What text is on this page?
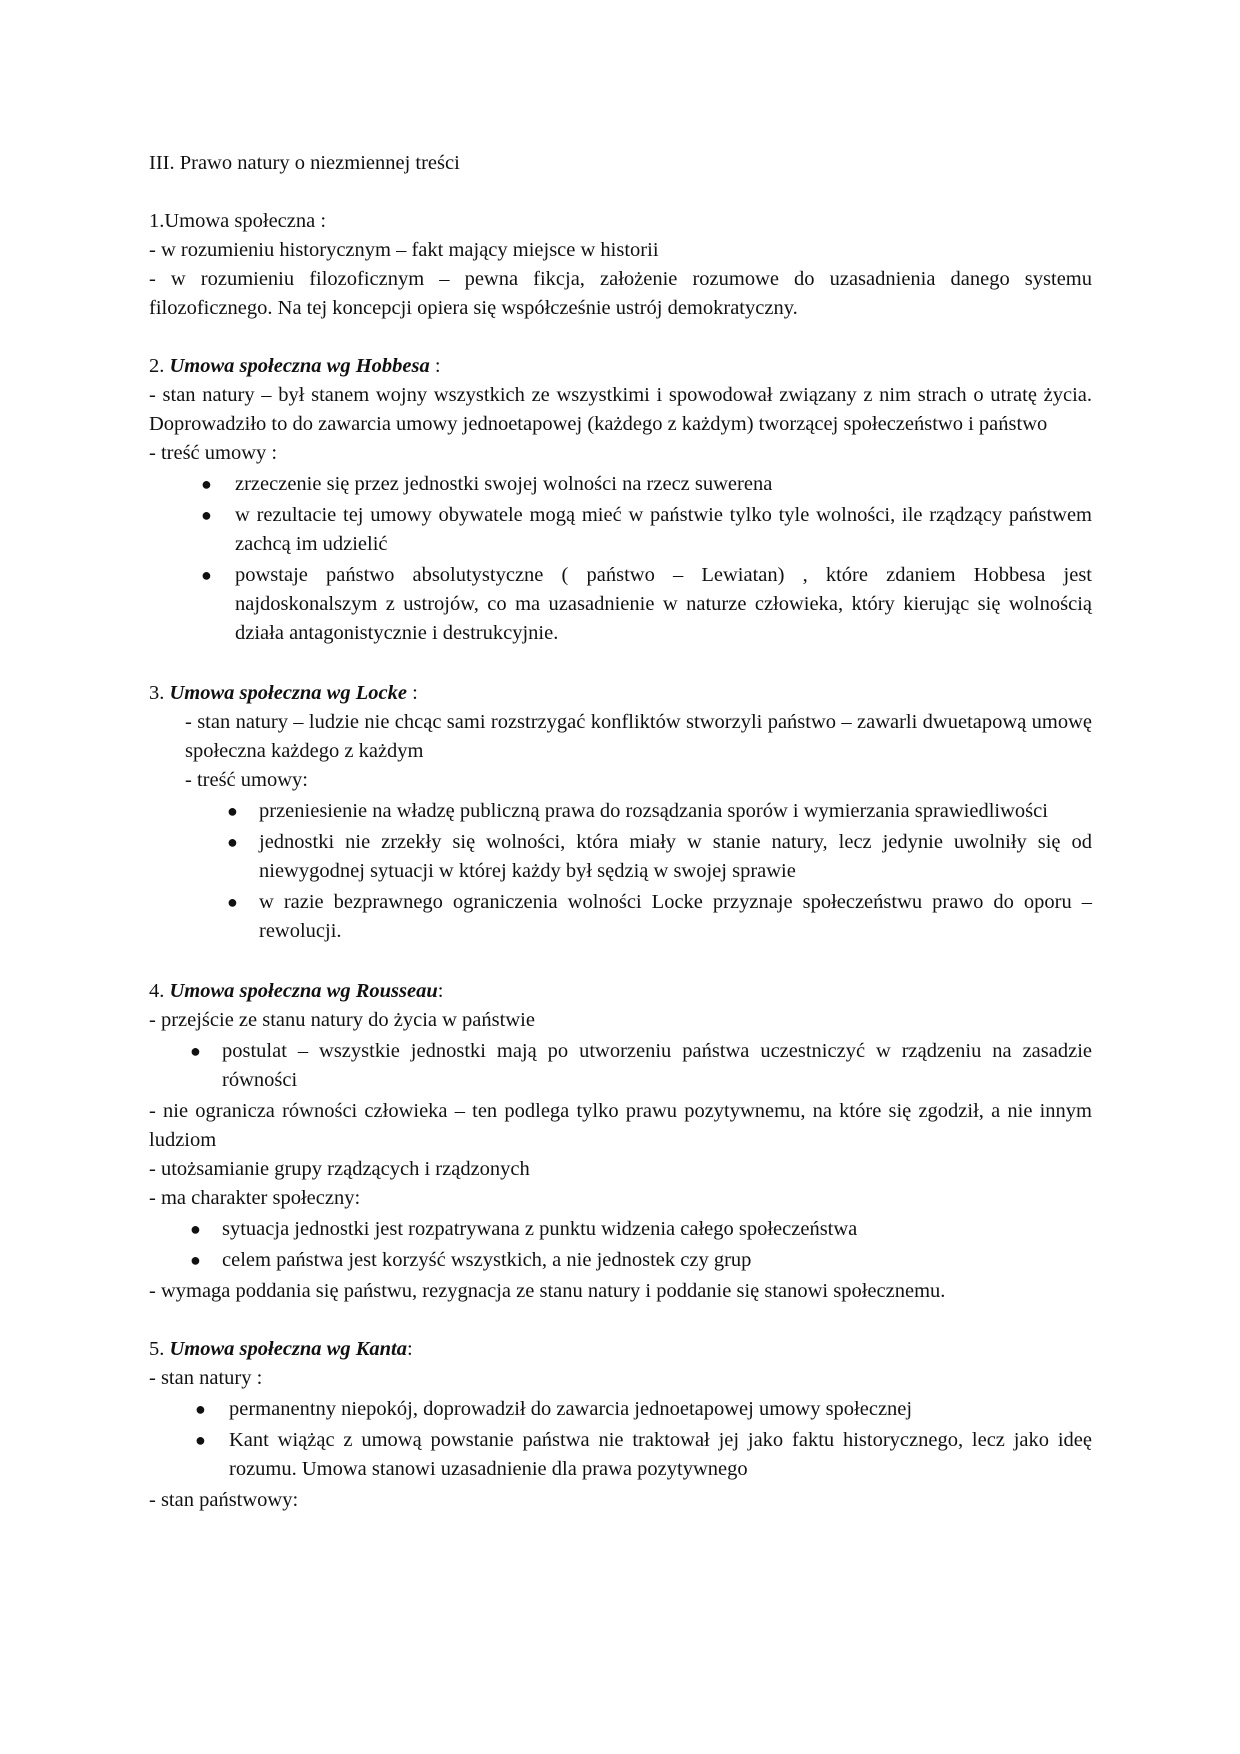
III. Prawo natury o niezmiennej treści

1.Umowa społeczna :

- w rozumieniu historycznym – fakt mający miejsce w historii

- w rozumieniu filozoficznym – pewna fikcja, założenie rozumowe do uzasadnienia danego systemu filozoficznego. Na tej koncepcji opiera się współcześnie ustrój demokratyczny.

2. Umowa społeczna wg Hobbesa :

- stan natury – był stanem wojny wszystkich ze wszystkimi i spowodował związany z nim strach o utratę życia. Doprowadziło to do zawarcia umowy jednoetapowej (każdego z każdym) tworzącej społeczeństwo i państwo

- treść umowy :

● zrzeczenie się przez jednostki swojej wolności na rzecz suwerena
● w rezultacie tej umowy obywatele mogą mieć w państwie tylko tyle wolności, ile rządzący państwem zachcą im udzielić
● powstaje państwo absolutystyczne ( państwo – Lewiatan) , które zdaniem Hobbesa jest najdoskonalszym z ustrojów, co ma uzasadnienie w naturze człowieka, który kierując się wolnością działa antagonistycznie i destrukcyjnie.

3. Umowa społeczna wg Locke :

- stan natury – ludzie nie chcąc sami rozstrzygać konfliktów stworzyli państwo – zawarli dwuetapową umowę społeczna każdego z każdym

- treść umowy:

● przeniesienie na władzę publiczną prawa do rozsądzania sporów i wymierzania sprawiedliwości
● jednostki nie zrzekły się wolności, która miały w stanie natury, lecz jedynie uwolniły się od niewygodnej sytuacji w której każdy był sędzią w swojej sprawie
● w razie bezprawnego ograniczenia wolności Locke przyznaje społeczeństwu prawo do oporu – rewolucji.

4. Umowa społeczna wg Rousseau:

- przejście ze stanu natury do życia w państwie

● postulat – wszystkie jednostki mają po utworzeniu państwa uczestniczyć w rządzeniu na zasadzie równości

- nie ogranicza równości człowieka – ten podlega tylko prawu pozytywnemu, na które się zgodził, a nie innym ludziom

- utożsamianie grupy rządzących i rządzonych

- ma charakter społeczny:

● sytuacja jednostki jest rozpatrywana z punktu widzenia całego społeczeństwa
● celem państwa jest korzyść wszystkich, a nie jednostek czy grup

- wymaga poddania się państwu, rezygnacja ze stanu natury i poddanie się stanowi społecznemu.

5. Umowa społeczna wg Kanta:

- stan natury :

● permanentny niepokój, doprowadził do zawarcia jednoetapowej umowy społecznej
● Kant wiążąc z umową powstanie państwa nie traktował jej jako faktu historycznego, lecz jako ideę rozumu. Umowa stanowi uzasadnienie dla prawa pozytywnego

- stan państwowy:
